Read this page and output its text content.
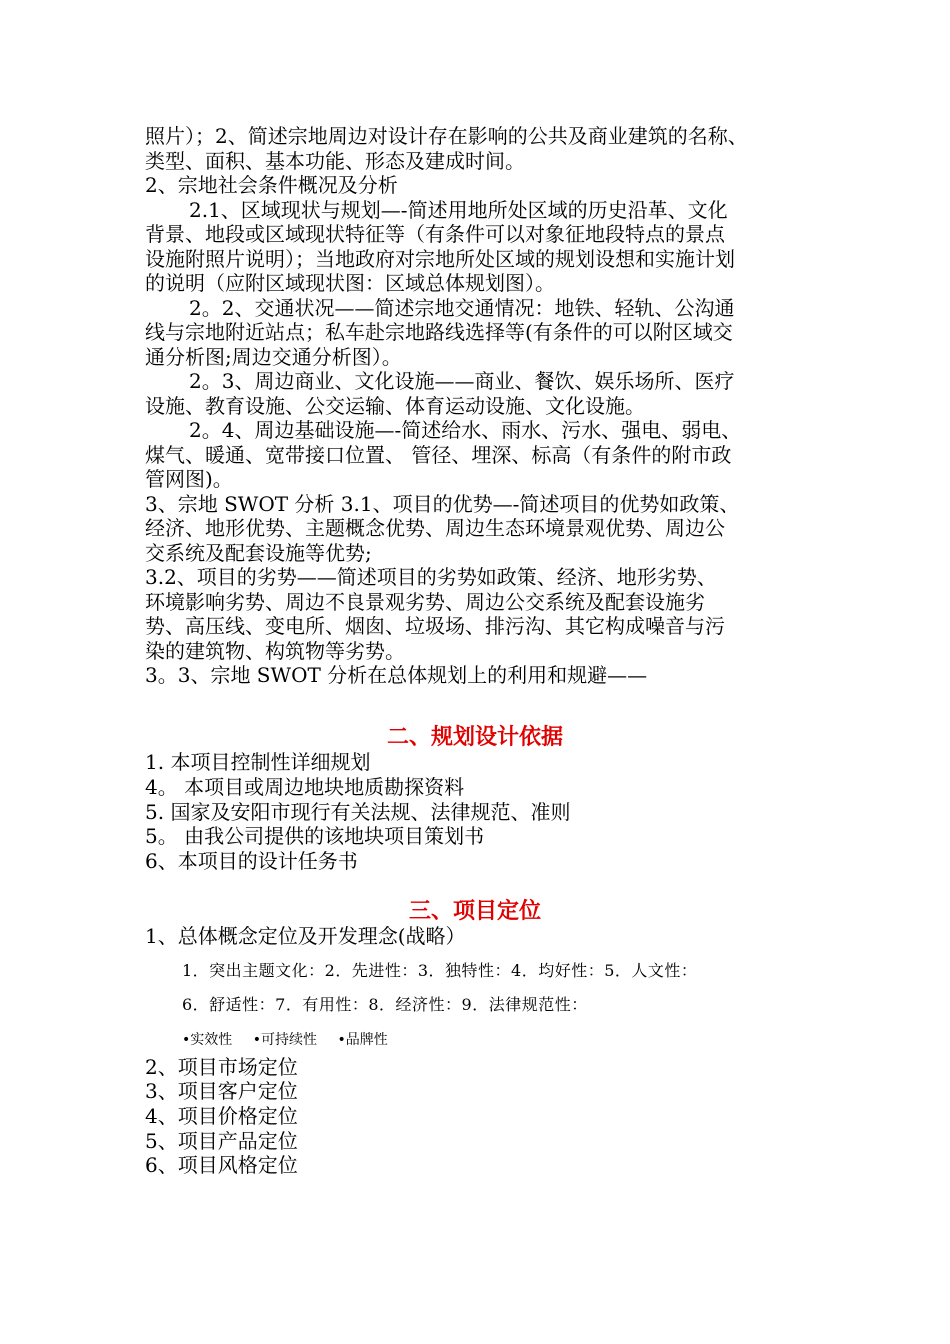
照片）；2、简述宗地周边对设计存在影响的公共及商业建筑的名称、
类型、面积、基本功能、形态及建成时间。
2、宗地社会条件概况及分析
2.1、区域现状与规划—-简述用地所处区域的历史沿革、文化
背景、地段或区域现状特征等（有条件可以对象征地段特点的景点
设施附照片说明）；当地政府对宗地所处区域的规划设想和实施计划
的说明（应附区域现状图：区域总体规划图）。
2。2、交通状况——简述宗地交通情况：地铁、轻轨、公沟通
线与宗地附近站点；私车赴宗地路线选择等(有条件的可以附区域交
通分析图;周边交通分析图）。
2。3、周边商业、文化设施——商业、餐饮、娱乐场所、医疗
设施、教育设施、公交运输、体育运动设施、文化设施。
2。4、周边基础设施—-简述给水、雨水、污水、强电、弱电、
煤气、暖通、宽带接口位置、 管径、埋深、标高（有条件的附市政
管网图)。
3、宗地 SWOT 分析 3.1、项目的优势—-简述项目的优势如政策、
经济、地形优势、主题概念优势、周边生态环境景观优势、周边公
交系统及配套设施等优势;
3.2、项目的劣势——简述项目的劣势如政策、经济、地形劣势、
环境影响劣势、周边不良景观劣势、周边公交系统及配套设施劣
势、高压线、变电所、烟囱、垃圾场、排污沟、其它构成噪音与污
染的建筑物、构筑物等劣势。
3。3、宗地 SWOT 分析在总体规划上的利用和规避——
二、规划设计依据

1. 本项目控制性详细规划

4。 本项目或周边地块地质勘探资料

5. 国家及安阳市现行有关法规、法律规范、准则

5。 由我公司提供的该地块项目策划书

6、本项目的设计任务书

三、项目定位

1、总体概念定位及开发理念(战略）

1．突出主题文化：2．先进性：3．独特性：4．均好性：5．人文性：

6．舒适性：7．有用性：8．经济性：9．法律规范性：

•实效性 •可持续性 •品牌性

2、项目市场定位

3、项目客户定位

4、项目价格定位

5、项目产品定位

6、项目风格定位
